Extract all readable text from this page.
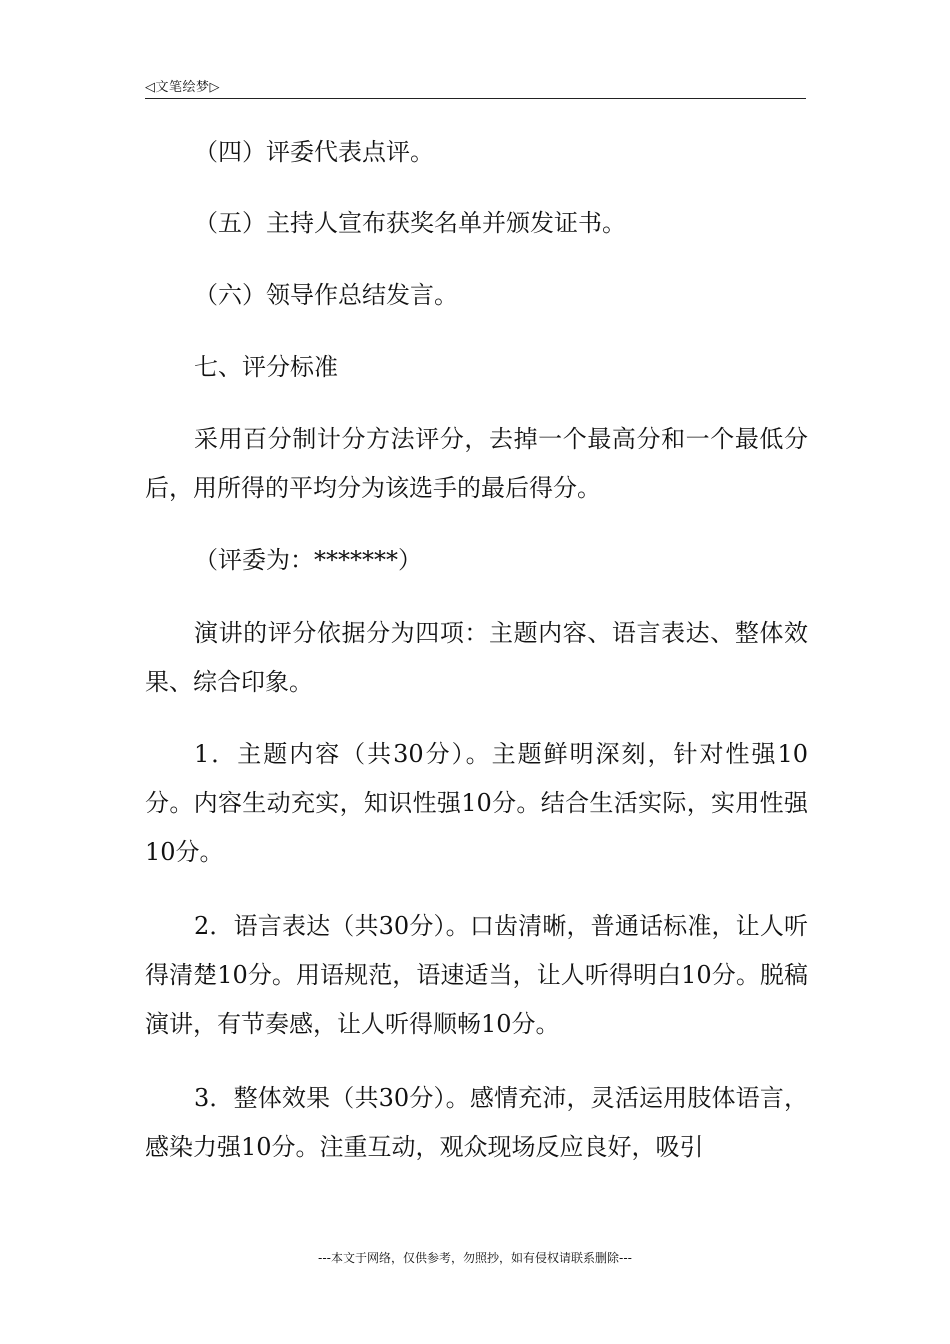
◁文笔绘梦▷

（四）评委代表点评。

（五）主持人宣布获奖名单并颁发证书。

（六）领导作总结发言。

七、评分标准

采用百分制计分方法评分，去掉一个最高分和一个最低分后，用所得的平均分为该选手的最后得分。

（评委为：*******）

演讲的评分依据分为四项：主题内容、语言表达、整体效果、综合印象。

1．主题内容（共30分）。主题鲜明深刻，针对性强10分。内容生动充实，知识性强10分。结合生活实际，实用性强10分。

2．语言表达（共30分）。口齿清晰，普通话标准，让人听得清楚10分。用语规范，语速适当，让人听得明白10分。脱稿演讲，有节奏感，让人听得顺畅10分。

3．整体效果（共30分）。感情充沛，灵活运用肢体语言，感染力强10分。注重互动，观众现场反应良好，吸引

---本文于网络，仅供参考，勿照抄，如有侵权请联系删除---
